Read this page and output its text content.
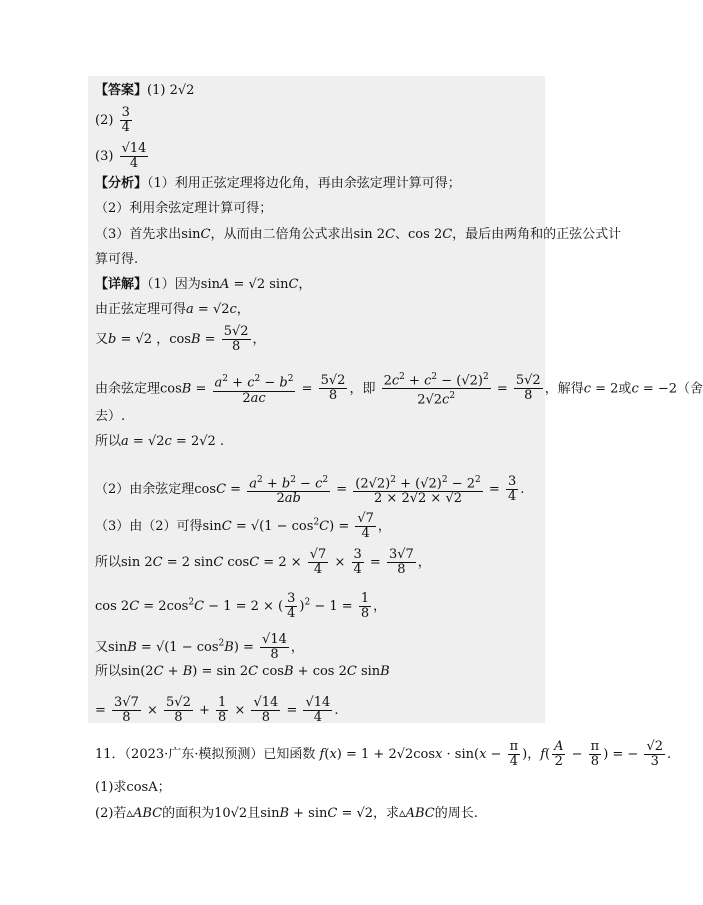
【答案】(1) 2√2
$(2) \frac{3}{4}$
$(3) \frac{√14}{4}$
【分析】（1）利用正弦定理将边化角，再由余弦定理计算可得；
（2）利用余弦定理计算可得；
（3）首先求出sinC，从而由二倍角公式求出sin 2C、cos 2C，最后由两角和的正弦公式计
算可得.
【详解】（1）因为sinA = √2 sinC，
由正弦定理可得a = √2c，
又b = √2 ，$\cos B = \frac{5√2}{8}$ ，
由余弦定理$\cos B = \frac{a^2 + c^2 - b^2}{2ac} = \frac{5√2}{8}$ ，即 $\frac{2c^2 + c^2 - (√2)^2}{2√2c^2} = \frac{5√2}{8}$ ，解得c = 2或c = −2（舍
去）.
所以a = √2c = 2√2 .
（2）由余弦定理$\cos C = \frac{a^2 + b^2 - c^2}{2ab} = \frac{(2√2)^2 + (√2)^2 - 2^2}{2 \times 2√2 \times √2} = \frac{3}{4}$ .
（3）由（2）可得$\sin C = √(1 - \cos^2C) = \frac{√7}{4}$ ，
所以sin 2C = 2 sinC $\cos C = 2 \times \frac{√7}{4} \times \frac{3}{4} = \frac{3√7}{8}$ ，
$\cos 2C = 2\cos^2C - 1 = 2$ × ( $\frac{3}{4} )^2 - 1 = \frac{1}{8}$ ，
又$\sin B = √(1 - \cos^2B) = \frac{√14}{8}$ ，
所以sin(2C + B) = sin 2C cosB + cos 2C sinB
= $\frac{3√7}{8} \times \frac{5√2}{8} + \frac{1}{8} \times \frac{√14}{8} = \frac{√14}{4}$ .
11．（2023·广东·模拟预测）已知函数 $f(x) = 1 + 2√2\cos x \cdot \sin(x - \frac{\pi}{4}$ )，$f( \frac{A}{2} - \frac{\pi}{8}$ ) = − $\frac{√2}{3}$ .
(1)求cosA；
(2)若▵ABC的面积为10√2且sinB + sinC = √2，求▵ABC的周长.
